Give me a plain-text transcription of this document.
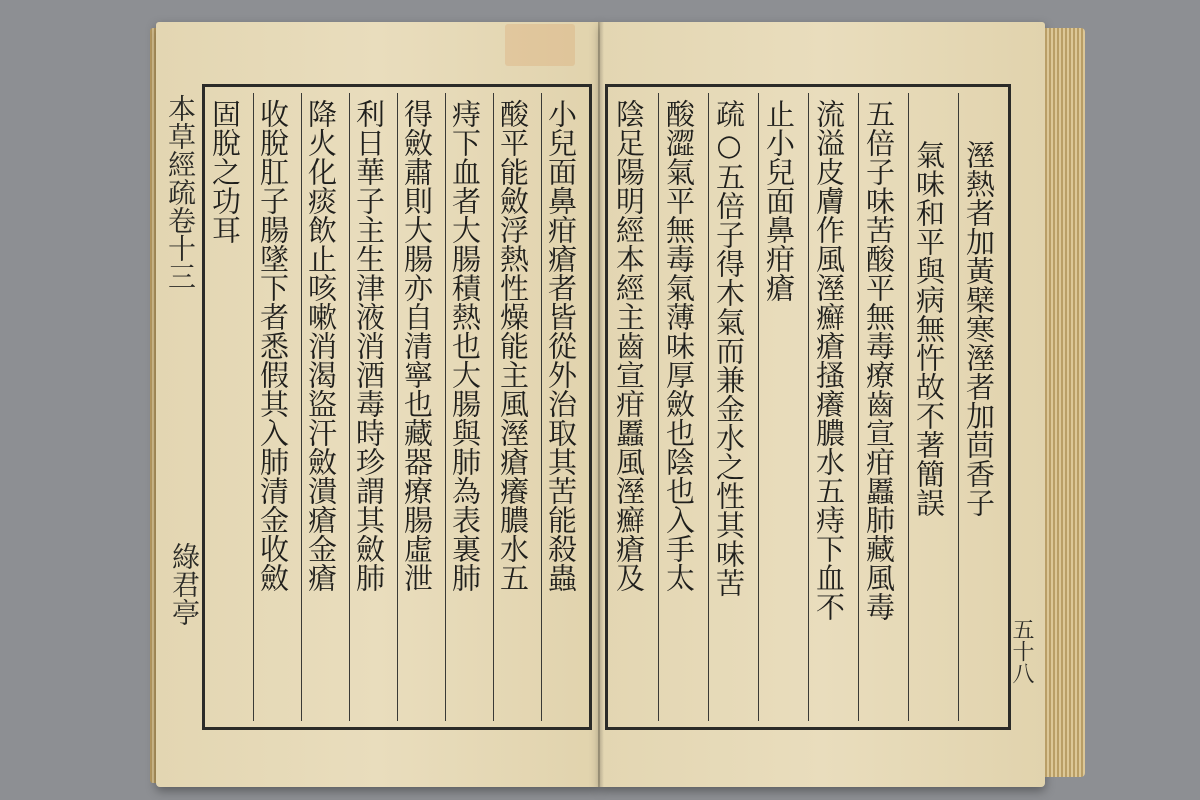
本草經疏卷十三
綠君亭	小兒面鼻疳瘡者皆從外治取其苦能殺蟲
酸平能斂浮熱性燥能主風溼瘡癢膿水五
痔下血者大腸積熱也大腸與肺為表裏肺
得斂肅則大腸亦自清寧也藏器療腸虛泄
利日華子主生津液消酒毒時珍謂其斂肺
降火化痰飲止咳嗽消渴盜汗斂潰瘡金瘡
收脫肛子腸墜下者悉假其入肺清金收斂
固脫之功耳	溼熱者加黃檗寒溼者加茴香子
氣味和平與病無忤故不著簡誤
五倍子味苦酸平無毒療齒宣疳䘌肺藏風毒
流溢皮膚作風溼癬瘡搔癢膿水五痔下血不
止小兒面鼻疳瘡
疏○五倍子得木氣而兼金水之性其味苦
酸澀氣平無毒氣薄味厚斂也陰也入手太
陰足陽明經本經主齒宣疳䘌風溼癬瘡及
五十八
